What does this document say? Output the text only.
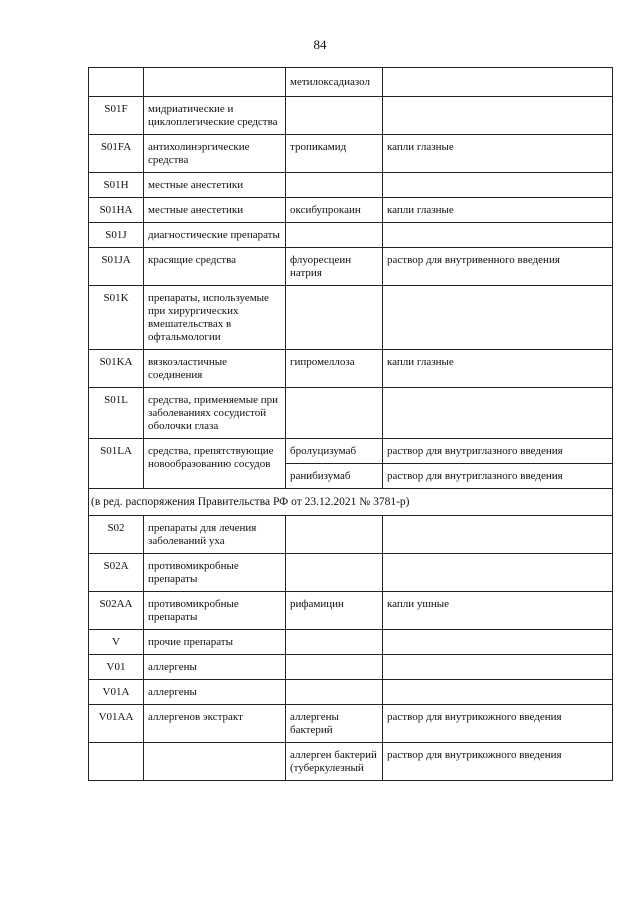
84
		метилоксадиазол	
S01F	мидриатические и циклоплегические средства		
S01FA	антихолинэргические средства	тропикамид	капли глазные
S01H	местные анестетики		
S01HA	местные анестетики	оксибупрокаин	капли глазные
S01J	диагностические препараты		
S01JA	красящие средства	флуоресцеин натрия	раствор для внутривенного введения
S01K	препараты, используемые при хирургических вмешательствах в офтальмологии		
S01KA	вязкоэластичные соединения	гипромеллоза	капли глазные
S01L	средства, применяемые при заболеваниях сосудистой оболочки глаза		
S01LA	средства, препятствующие новообразованию сосудов	бролуцизумаб	раствор для внутриглазного введения
		ранибизумаб	раствор для внутриглазного введения
(в ред. распоряжения Правительства РФ от 23.12.2021 № 3781-р)			
S02	препараты для лечения заболеваний уха		
S02A	противомикробные препараты		
S02AA	противомикробные препараты	рифамицин	капли ушные
V	прочие препараты		
V01	аллергены		
V01A	аллергены		
V01AA	аллергенов экстракт	аллергены бактерий	раствор для внутрикожного введения
		аллерген бактерий (туберкулезный	раствор для внутрикожного введения
